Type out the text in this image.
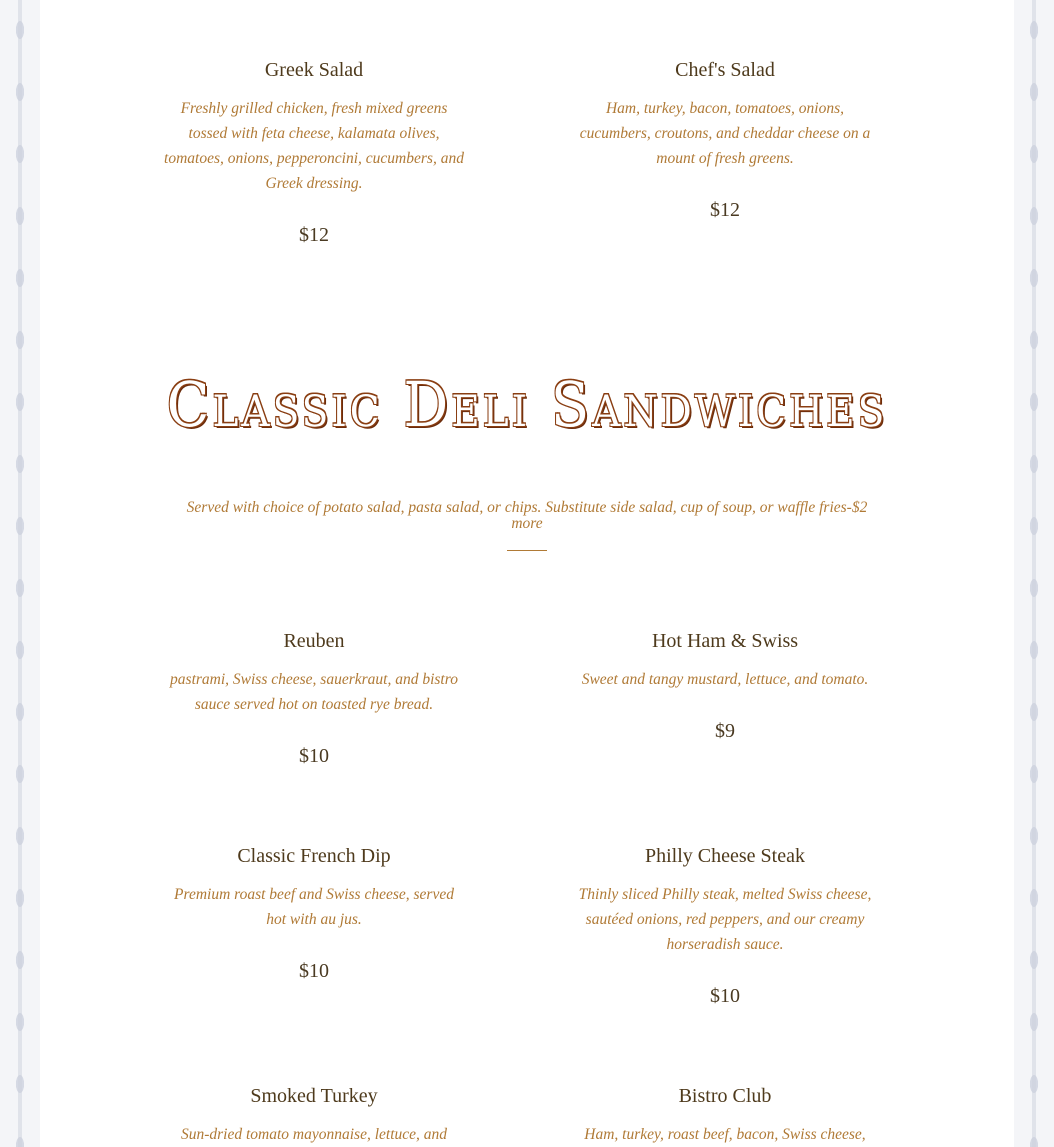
Greek Salad

Freshly grilled chicken, fresh mixed greens tossed with feta cheese, kalamata olives, tomatoes, onions, pepperoncini, cucumbers, and Greek dressing.

$12
Chef's Salad

Ham, turkey, bacon, tomatoes, onions, cucumbers, croutons, and cheddar cheese on a mount of fresh greens.

$12
Classic Deli Sandwiches
Served with choice of potato salad, pasta salad, or chips. Substitute side salad, cup of soup, or waffle fries-$2 more
Reuben

pastrami, Swiss cheese, sauerkraut, and bistro sauce served hot on toasted rye bread.

$10
Hot Ham & Swiss

Sweet and tangy mustard, lettuce, and tomato.

$9
Classic French Dip

Premium roast beef and Swiss cheese, served hot with au jus.

$10
Philly Cheese Steak

Thinly sliced Philly steak, melted Swiss cheese, sautéed onions, red peppers, and our creamy horseradish sauce.

$10
Smoked Turkey

Sun-dried tomato mayonnaise, lettuce, and

Bistro Club

Ham, turkey, roast beef, bacon, Swiss cheese,
